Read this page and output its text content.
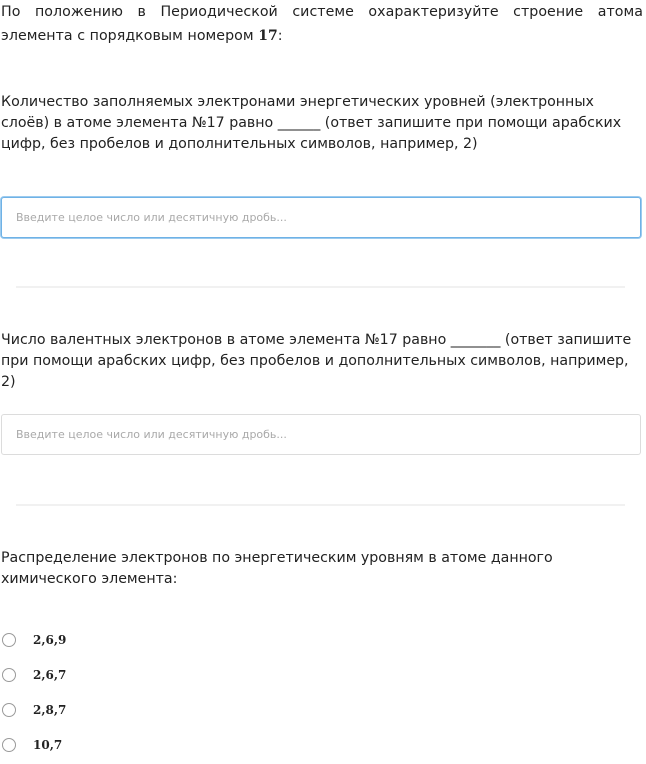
По положению в Периодической системе охарактеризуйте строение атома элемента с порядковым номером 17:

Количество заполняемых электронами энергетических уровней (электронных слоёв) в атоме элемента №17 равно ______ (ответ запишите при помощи арабских цифр, без пробелов и дополнительных символов, например, 2)

Введите целое число или десятичную дробь...

Число валентных электронов в атоме элемента №17 равно _______ (ответ запишите при помощи арабских цифр, без пробелов и дополнительных символов, например, 2)

Введите целое число или десятичную дробь...

Распределение электронов по энергетическим уровням в атоме данного химического элемента:

2,6,9
2,6,7
2,8,7
10,7
